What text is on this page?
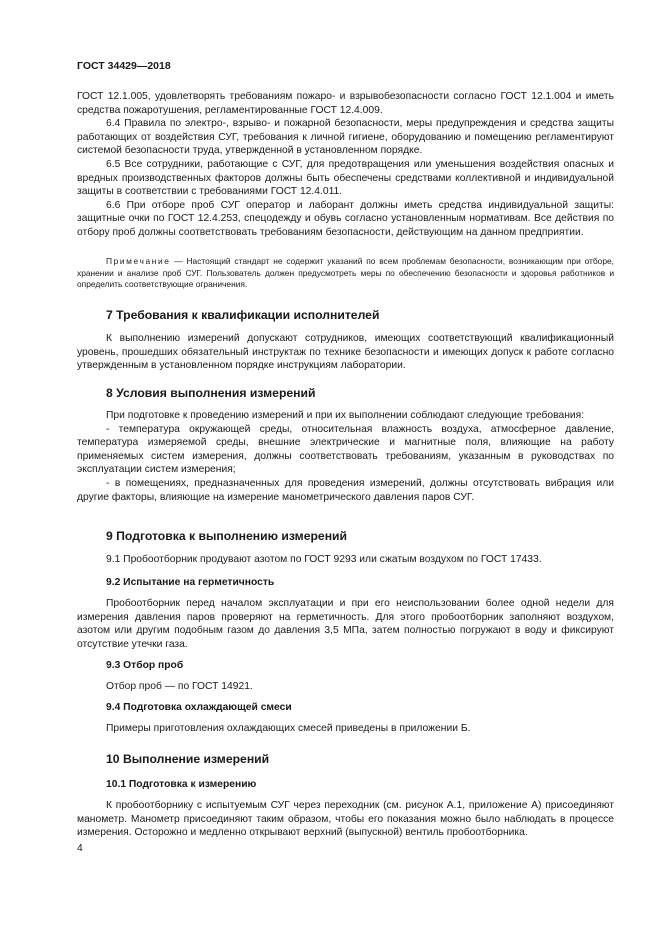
ГОСТ 34429—2018

ГОСТ 12.1.005, удовлетворять требованиям пожаро- и взрывобезопасности согласно ГОСТ 12.1.004 и иметь средства пожаротушения, регламентированные ГОСТ 12.4.009.

6.4 Правила по электро-, взрыво- и пожарной безопасности, меры предупреждения и средства защиты работающих от воздействия СУГ, требования к личной гигиене, оборудованию и помещению регламентируют системой безопасности труда, утвержденной в установленном порядке.

6.5 Все сотрудники, работающие с СУГ, для предотвращения или уменьшения воздействия опасных и вредных производственных факторов должны быть обеспечены средствами коллективной и индивидуальной защиты в соответствии с требованиями ГОСТ 12.4.011.

6.6 При отборе проб СУГ оператор и лаборант должны иметь средства индивидуальной защиты: защитные очки по ГОСТ 12.4.253, спецодежду и обувь согласно установленным нормативам. Все действия по отбору проб должны соответствовать требованиям безопасности, действующим на данном предприятии.

Примечание — Настоящий стандарт не содержит указаний по всем проблемам безопасности, возникающим при отборе, хранении и анализе проб СУГ. Пользователь должен предусмотреть меры по обеспечению безопасности и здоровья работников и определить соответствующие ограничения.
7 Требования к квалификации исполнителей

К выполнению измерений допускают сотрудников, имеющих соответствующий квалификационный уровень, прошедших обязательный инструктаж по технике безопасности и имеющих допуск к работе согласно утвержденным в установленном порядке инструкциям лаборатории.

8 Условия выполнения измерений

При подготовке к проведению измерений и при их выполнении соблюдают следующие требования:

- температура окружающей среды, относительная влажность воздуха, атмосферное давление, температура измеряемой среды, внешние электрические и магнитные поля, влияющие на работу применяемых систем измерения, должны соответствовать требованиям, указанным в руководствах по эксплуатации систем измерения;

- в помещениях, предназначенных для проведения измерений, должны отсутствовать вибрация или другие факторы, влияющие на измерение манометрического давления паров СУГ.

9 Подготовка к выполнению измерений

9.1 Пробоотборник продувают азотом по ГОСТ 9293 или сжатым воздухом по ГОСТ 17433.

9.2 Испытание на герметичность

Пробоотборник перед началом эксплуатации и при его неиспользовании более одной недели для измерения давления паров проверяют на герметичность. Для этого пробоотборник заполняют воздухом, азотом или другим подобным газом до давления 3,5 МПа, затем полностью погружают в воду и фиксируют отсутствие утечки газа.

9.3 Отбор проб

Отбор проб — по ГОСТ 14921.

9.4 Подготовка охлаждающей смеси

Примеры приготовления охлаждающих смесей приведены в приложении Б.

10 Выполнение измерений
10.1 Подготовка к измерению

К пробоотборнику с испытуемым СУГ через переходник (см. рисунок А.1, приложение А) присоединяют манометр. Манометр присоединяют таким образом, чтобы его показания можно было наблюдать в процессе измерения. Осторожно и медленно открывают верхний (выпускной) вентиль пробоотборника.

4
